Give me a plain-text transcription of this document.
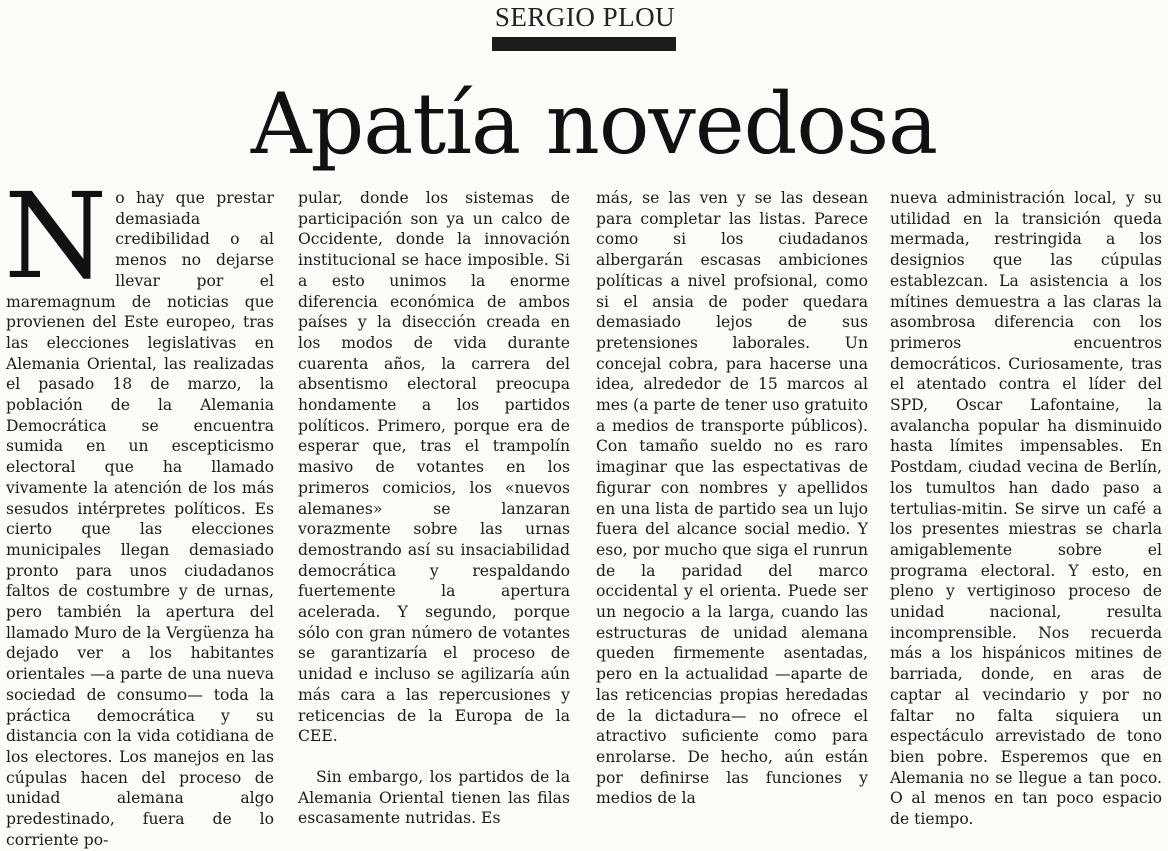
SERGIO PLOU
Apatía novedosa
N o hay que prestar demasiada credibilidad o al menos no dejarse llevar por el maremagnum de noticias que provienen del Este europeo, tras las elecciones legislativas en Alemania Oriental, las realizadas el pasado 18 de marzo, la población de la Alemania Democrática se encuentra sumida en un escepticismo electoral que ha llamado vivamente la atención de los más sesudos intérpretes políticos. Es cierto que las elecciones municipales llegan demasiado pronto para unos ciudadanos faltos de costumbre y de urnas, pero también la apertura del llamado Muro de la Vergüenza ha dejado ver a los habitantes orientales —a parte de una nueva sociedad de consumo— toda la práctica democrática y su distancia con la vida cotidiana de los electores. Los manejos en las cúpulas hacen del proceso de unidad alemana algo predestinado, fuera de lo corriente po-

pular, donde los sistemas de participación son ya un calco de Occidente, donde la innovación institucional se hace imposible. Si a esto unimos la enorme diferencia económica de ambos países y la disección creada en los modos de vida durante cuarenta años, la carrera del absentismo electoral preocupa hondamente a los partidos políticos. Primero, porque era de esperar que, tras el trampolín masivo de votantes en los primeros comicios, los «nuevos alemanes» se lanzaran vorazmente sobre las urnas demostrando así su insaciabilidad democrática y respaldando fuertemente la apertura acelerada. Y segundo, porque sólo con gran número de votantes se garantizaría el proceso de unidad e incluso se agilizaría aún más cara a las repercusiones y reticencias de la Europa de la CEE.

Sin embargo, los partidos de la Alemania Oriental tienen las filas escasamente nutridas. Es

más, se las ven y se las desean para completar las listas. Parece como si los ciudadanos albergarán escasas ambiciones políticas a nivel profsional, como si el ansia de poder quedara demasiado lejos de sus pretensiones laborales. Un concejal cobra, para hacerse una idea, alrededor de 15 marcos al mes (a parte de tener uso gratuito a medios de transporte públicos). Con tamaño sueldo no es raro imaginar que las espectativas de figurar con nombres y apellidos en una lista de partido sea un lujo fuera del alcance social medio. Y eso, por mucho que siga el runrun de la paridad del marco occidental y el orienta. Puede ser un negocio a la larga, cuando las estructuras de unidad alemana queden firmemente asentadas, pero en la actualidad —aparte de las reticencias propias heredadas de la dictadura— no ofrece el atractivo suficiente como para enrolarse. De hecho, aún están por definirse las funciones y medios de la

nueva administración local, y su utilidad en la transición queda mermada, restringida a los designios que las cúpulas establezcan. La asistencia a los mítines demuestra a las claras la asombrosa diferencia con los primeros encuentros democráticos. Curiosamente, tras el atentado contra el líder del SPD, Oscar Lafontaine, la avalancha popular ha disminuido hasta límites impensables. En Postdam, ciudad vecina de Berlín, los tumultos han dado paso a tertulias-mitin. Se sirve un café a los presentes miestras se charla amigablemente sobre el programa electoral. Y esto, en pleno y vertiginoso proceso de unidad nacional, resulta incomprensible. Nos recuerda más a los hispánicos mitines de barriada, donde, en aras de captar al vecindario y por no faltar no falta siquiera un espectáculo arrevistado de tono bien pobre. Esperemos que en Alemania no se llegue a tan poco. O al menos en tan poco espacio de tiempo.
